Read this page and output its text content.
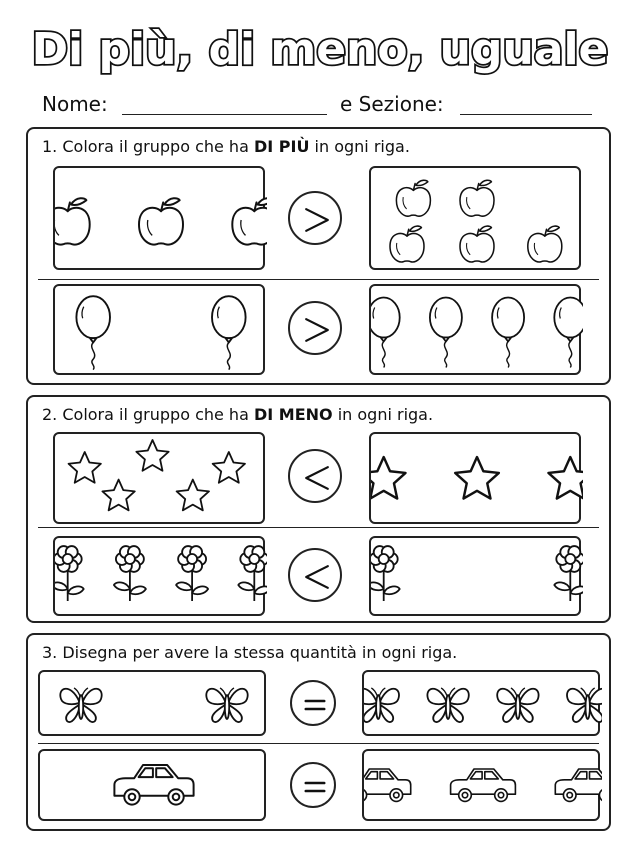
Di più, di meno, uguale
Nome:	e Sezione:
1. Colora il gruppo che ha DI PIÙ in ogni riga.
2. Colora il gruppo che ha DI MENO in ogni riga.
3. Disegna per avere la stessa quantità in ogni riga.
